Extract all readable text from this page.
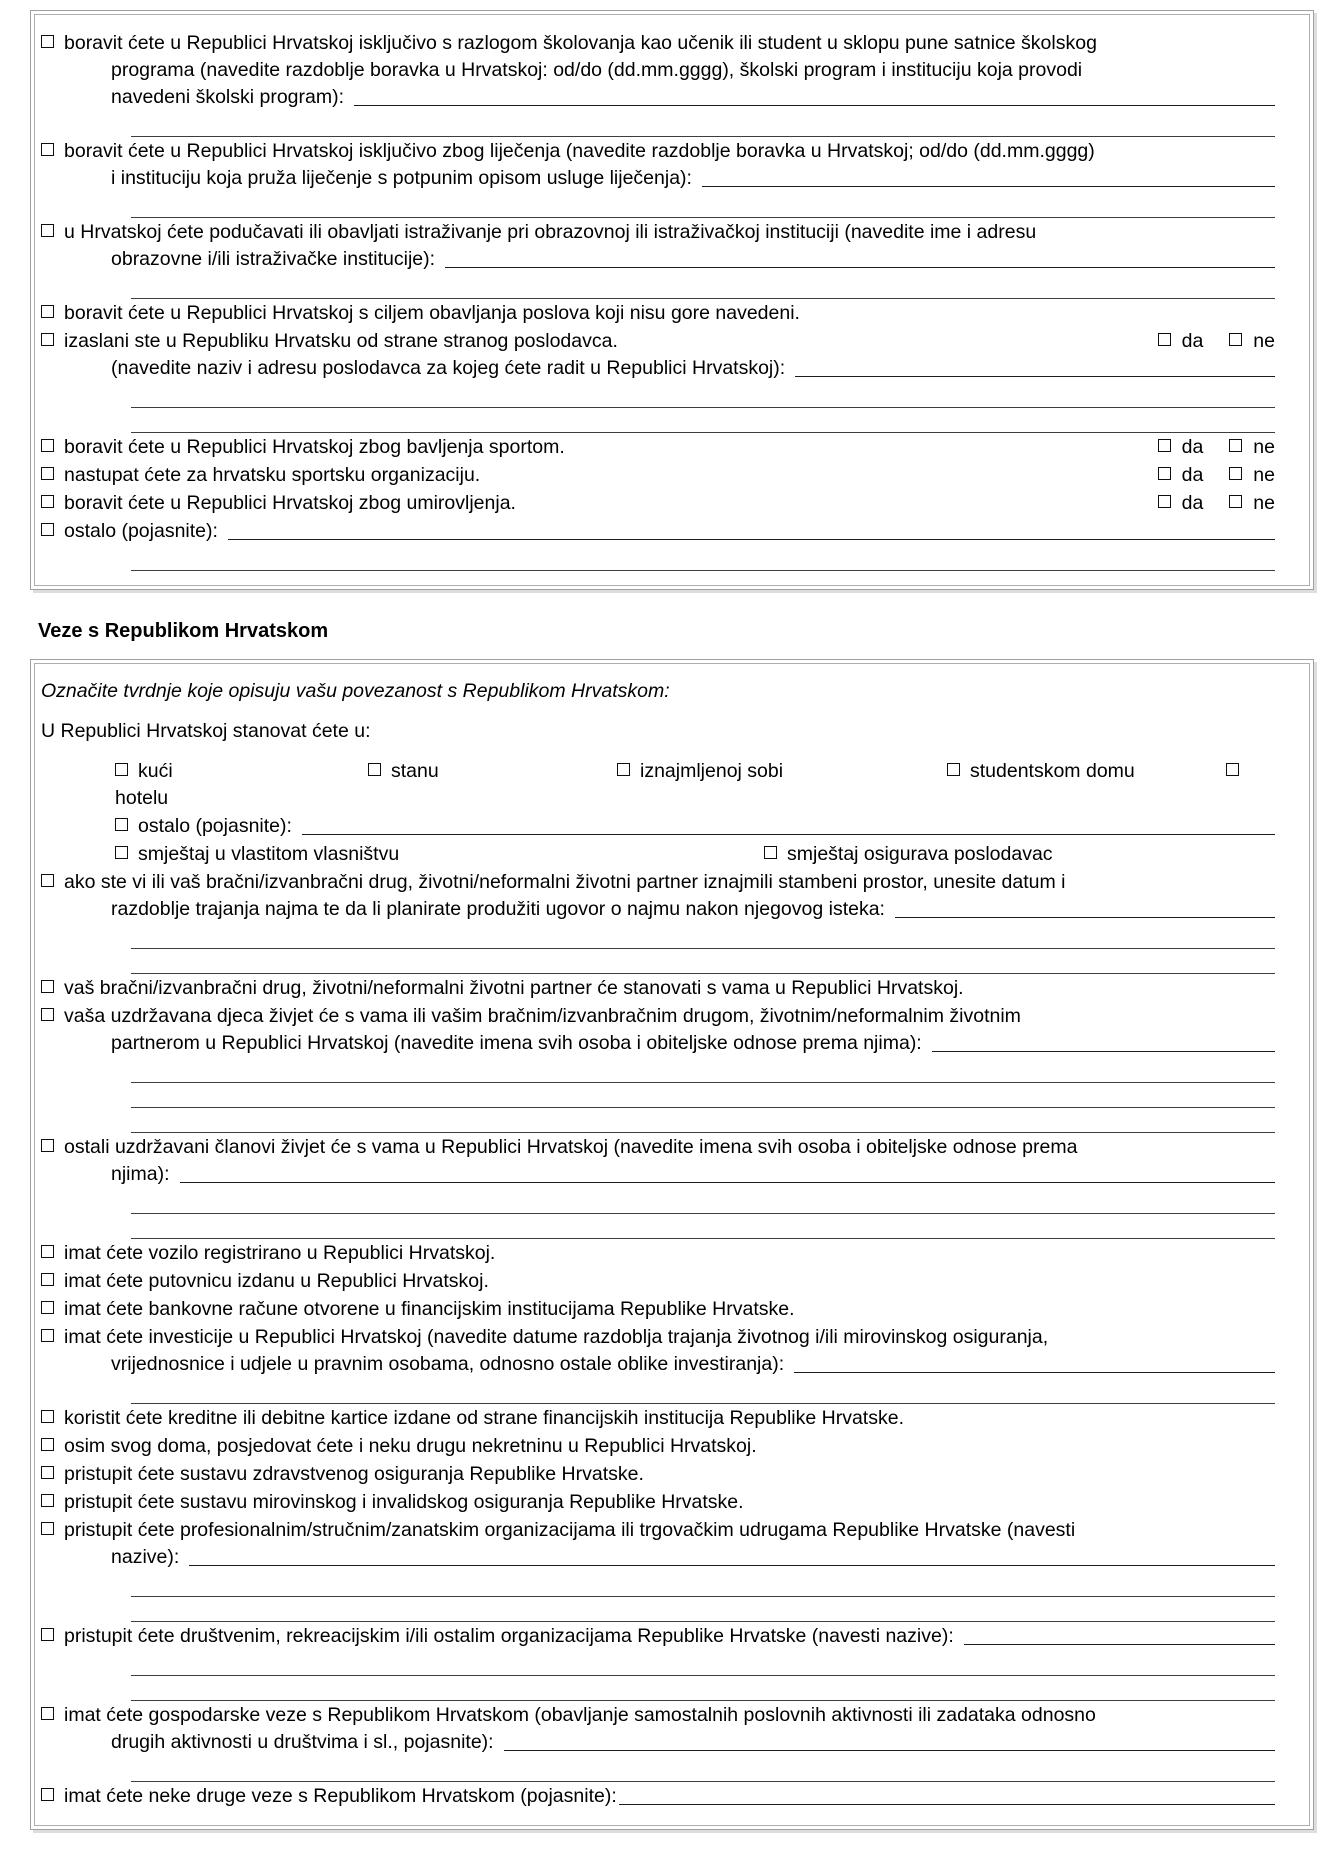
boravit ćete u Republici Hrvatskoj isključivo s razlogom školovanja kao učenik ili student u sklopu pune satnice školskog
programa (navedite razdoblje boravka u Hrvatskoj: od/do (dd.mm.gggg), školski program i instituciju koja provodi
navedeni školski program):
boravit ćete u Republici Hrvatskoj isključivo zbog liječenja (navedite razdoblje boravka u Hrvatskoj; od/do (dd.mm.gggg)
i instituciju koja pruža liječenje s potpunim opisom usluge liječenja):
u Hrvatskoj ćete podučavati ili obavljati istraživanje pri obrazovnoj ili istraživačkoj instituciji (navedite ime i adresu
obrazovne i/ili istraživačke institucije):
boravit ćete u Republici Hrvatskoj s ciljem obavljanja poslova koji nisu gore navedeni.
izaslani ste u Republiku Hrvatsku od strane stranog poslodavca.	da	ne
(navedite naziv i adresu poslodavca za kojeg ćete radit u Republici Hrvatskoj):
boravit ćete u Republici Hrvatskoj zbog bavljenja sportom.	da	ne
nastupat ćete za hrvatsku sportsku organizaciju.	da	ne
boravit ćete u Republici Hrvatskoj zbog umirovljenja.	da	ne
ostalo (pojasnite):
Veze s Republikom Hrvatskom
Označite tvrdnje koje opisuju vašu povezanost s Republikom Hrvatskom:
U Republici Hrvatskoj stanovat ćete u:
kući	stanu	iznajmljenoj sobi	studentskom domu
hotelu
ostalo (pojasnite):
smještaj u vlastitom vlasništvu	smještaj osigurava poslodavac
ako ste vi ili vaš bračni/izvanbračni drug, životni/neformalni životni partner iznajmili stambeni prostor, unesite datum i
razdoblje trajanja najma te da li planirate produžiti ugovor o najmu nakon njegovog isteka:
vaš bračni/izvanbračni drug, životni/neformalni životni partner će stanovati s vama u Republici Hrvatskoj.
vaša uzdržavana djeca živjet će s vama ili vašim bračnim/izvanbračnim drugom, životnim/neformalnim životnim
partnerom u Republici Hrvatskoj (navedite imena svih osoba i obiteljske odnose prema njima):
ostali uzdržavani članovi živjet će s vama u Republici Hrvatskoj (navedite imena svih osoba i obiteljske odnose prema
njima):
imat ćete vozilo registrirano u Republici Hrvatskoj.
imat ćete putovnicu izdanu u Republici Hrvatskoj.
imat ćete bankovne račune otvorene u financijskim institucijama Republike Hrvatske.
imat ćete investicije u Republici Hrvatskoj (navedite datume razdoblja trajanja životnog i/ili mirovinskog osiguranja,
vrijednosnice i udjele u pravnim osobama, odnosno ostale oblike investiranja):
koristit ćete kreditne ili debitne kartice izdane od strane financijskih institucija Republike Hrvatske.
osim svog doma, posjedovat ćete i neku drugu nekretninu u Republici Hrvatskoj.
pristupit ćete sustavu zdravstvenog osiguranja Republike Hrvatske.
pristupit ćete sustavu mirovinskog i invalidskog osiguranja Republike Hrvatske.
pristupit ćete profesionalnim/stručnim/zanatskim organizacijama ili trgovačkim udrugama Republike Hrvatske (navesti
nazive):
pristupit ćete društvenim, rekreacijskim i/ili ostalim organizacijama Republike Hrvatske (navesti nazive):
imat ćete gospodarske veze s Republikom Hrvatskom (obavljanje samostalnih poslovnih aktivnosti ili zadataka odnosno
drugih aktivnosti u društvima i sl., pojasnite):
imat ćete neke druge veze s Republikom Hrvatskom (pojasnite):
